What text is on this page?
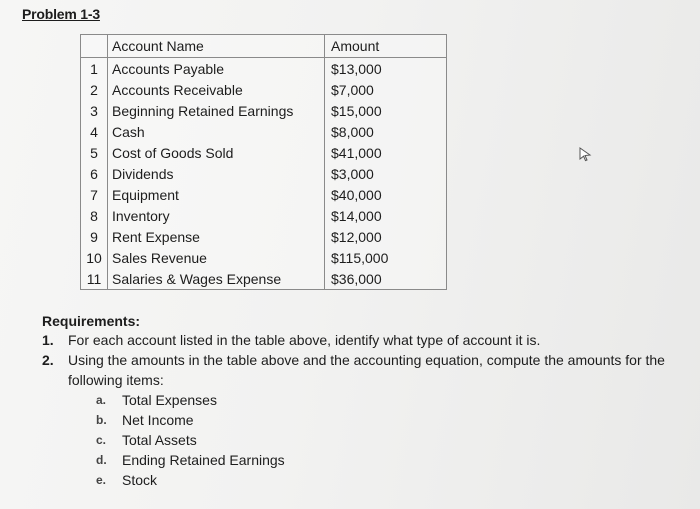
Problem 1-3
	Account Name	Amount
1	Accounts Payable	$13,000
2	Accounts Receivable	$7,000
3	Beginning Retained Earnings	$15,000
4	Cash	$8,000
5	Cost of Goods Sold	$41,000
6	Dividends	$3,000
7	Equipment	$40,000
8	Inventory	$14,000
9	Rent Expense	$12,000
10	Sales Revenue	$115,000
11	Salaries & Wages Expense	$36,000
Requirements:
1.	For each account listed in the table above, identify what type of account it is.
2.	Using the amounts in the table above and the accounting equation, compute the amounts for the following items:
a.	Total Expenses
b.	Net Income
c.	Total Assets
d.	Ending Retained Earnings
e.	Stock
